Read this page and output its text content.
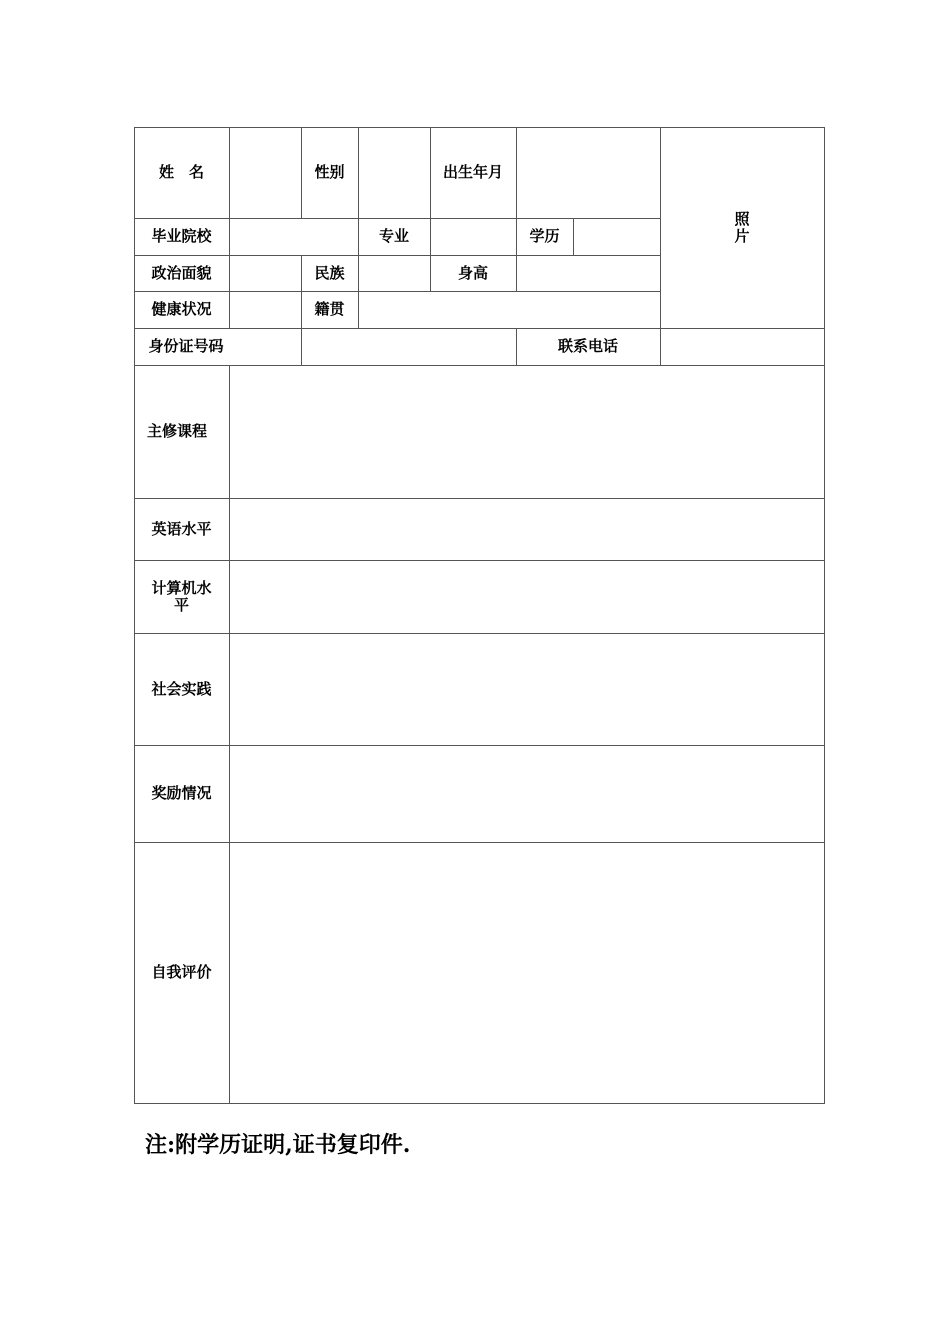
姓　名	性别	出生年月
照
片
毕业院校	专业	学历
政治面貌	民族	身高
健康状况	籍贯
身份证号码	联系电话
主修课程
英语水平
计算机水
平
社会实践
奖励情况
自我评价
注:附学历证明,证书复印件.
